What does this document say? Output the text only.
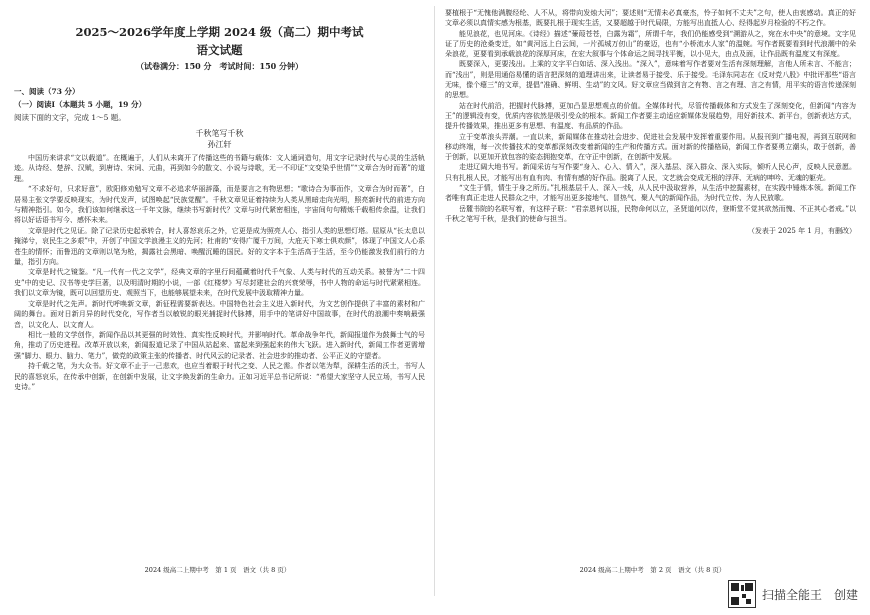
2025～2026学年度上学期 2024 级（高二）期中考试
语文试题
（试卷满分：150 分　考试时间：150 分钟）
一、阅读（73 分）
（一）阅读Ⅰ（本题共 5 小题，19 分）
阅读下面的文字，完成 1～5 题。
千秋笔写千秋
孙江轩

中国历来讲求“文以载道”。在概遍于，人们从未离开了传播这些的书籍与载体：文人通词造句，用文字记录时代与心灵的生活轨迹。从诗经、楚辞、汉赋，到唐诗、宋词、元曲，再到如今的散文、小说与诗歌，无一不印证“文变染乎世情”“文章合为时而著”的道理。

“不求好句，只求好意”，欧阳修劝勉写文章不必追求华丽辞藻，而是要言之有物思想；“歌诗合为事而作，文章合为时而著”，白居易主张文学要反映现实，为时代发声，试图唤起“民族觉醒”。千秋文章见证着持续为人类从黑暗走向光明，照亮新时代的前进方向与精神指引。如今，我们该如何继承这一千年文脉，继续书写新时代？文章与时代紧密相连，宇宙间句句精炼千载相传余温，让我们将以好话语书写今、感怀未来。

文章是时代之见证。除了记录历史起承转合，时人喜怒哀乐之外，它更是成为照亮人心、指引人类的思想灯塔。屈原从“长太息以掩涕兮，哀民生之多艰”中，开创了中国文学浪漫主义的先河；杜甫的“安得广厦千万间，大庇天下寒士俱欢颜”，体现了中国文人心系苍生的情怀；而鲁迅的文章则以笔为枪，揭露社会黑暗、唤醒沉睡的国民。好的文字本于生活高于生活，至今仍能激发我们前行的力量，指引方向。

文章是时代之镜鉴。“凡一代有一代之文学”，经典文章的字里行间蕴藏着时代千气象、人类与时代的互动关系。被誉为“二十四史”中的史记、汉书等史学巨著，以及明清时期的小说，一部《红楼梦》写尽封建社会的兴衰荣辱，书中人物的命运与时代紧紧相连。我们以文章为镜，既可以回望历史、观照当下，也能够展望未来，在时代发展中汲取精神力量。

文章是时代之先声。新时代呼唤新文章，新征程需要新表达。中国特色社会主义进入新时代，为文艺创作提供了丰富的素材和广阔的舞台。面对日新月异的时代变化，写作者当以敏锐的眼光捕捉时代脉搏，用手中的笔讲好中国故事，在时代的浪潮中奏响最强音，以文化人、以文育人。

相比一般的文学创作，新闻作品以其更强的时效性、真实性反映时代，并影响时代。革命战争年代，新闻报道作为鼓舞士气的号角，推动了历史进程。改革开放以来，新闻报道记录了中国从站起来、富起来到强起来的伟大飞跃。进入新时代，新闻工作者更需增强“脚力、眼力、脑力、笔力”，做党的政策主张的传播者、时代风云的记录者、社会进步的推动者、公平正义的守望者。

持千载之笔，为大众书。好文章不止于一己悲欢，也应当着眼于时代之变、人民之需。作者以笔为犁，深耕生活的沃土，书写人民的喜怒哀乐，在传承中创新，在创新中发展，让文字焕发新的生命力。正如习近平总书记所说：“希望大家坚守人民立场，书写人民史诗。”

2024 级高二上期中考　第 1 页　语文（共 8 页）

要植根于“无愧他满腹经纶、人不从，将带向发烛大河”；要述则“无情未必真豪杰，怜子如何不丈夫”之句，使人由衷感动。真正的好文章必须以真情实感为根基，既要扎根于现实生活，又要超越于时代局限，方能写出直抵人心、经得起岁月检验的不朽之作。

能见浪花，也见河床。《诗经》描述“蒹葭苍苍，白露为霜”，所谓千年，我们仍能感受到“溯游从之，宛在水中央”的意境。文字见证了历史的沧桑变迁，如“黄河远上白云间，一片孤城万仞山”的豪迈，也有“小桥流水人家”的温婉。写作者既要看到时代浪潮中的朵朵浪花，更要看到承载浪花的深厚河床，在宏大叙事与个体命运之间寻找平衡，以小见大，由点及面，让作品既有温度又有深度。

既要深入，更要浅出。上乘的文字平白如话、深入浅出。“深入”，意味着写作者要对生活有深刻理解，言他人所未言、不能言；而“浅出”，则是用通俗易懂的语言把深刻的道理讲出来，让读者易于接受、乐于接受。毛泽东同志在《反对党八股》中批评那些“语言无味，像个瘪三”的文章，提倡“准确、鲜明、生动”的文风。好文章应当做到言之有物、言之有理、言之有情，用平实的语言传递深刻的思想。

站在时代前沿，把握时代脉搏，更加凸显思想观点的价值。全媒体时代，尽管传播载体和方式发生了深刻变化，但新闻“内容为王”的逻辑没有变，优质内容依然是吸引受众的根本。新闻工作者要主动适应新媒体发展趋势，用好新技术、新平台，创新表达方式，提升传播效果，推出更多有思想、有温度、有品质的作品。

立于变革浪头弄潮。一直以来，新闻媒体在推动社会进步、促进社会发展中发挥着重要作用。从报刊到广播电视，再到互联网和移动终端，每一次传播技术的变革都深刻改变着新闻的生产和传播方式。面对新的传播格局，新闻工作者要勇立潮头，敢于创新，善于创新，以更加开放包容的姿态拥抱变革，在守正中创新，在创新中发展。

走进辽阔大地书写。新闻采访与写作要“身入、心入、情入”，深入基层、深入群众、深入实际，倾听人民心声，反映人民意愿。只有扎根人民，才能写出有血有肉、有情有感的好作品。脱离了人民，文艺就会变成无根的浮萍、无病的呻吟、无魂的躯壳。

“文生于情，情生于身之所历。”扎根基层千人、深入一线，从人民中汲取营养，从生活中挖掘素材，在实践中锤炼本领。新闻工作者唯有真正走进人民群众之中，才能写出更多接地气、冒热气、聚人气的新闻作品，为时代立传、为人民放歌。

岳麓书院的名联写着，有这样子联：“君亲恩何以报，民物命何以立，圣贤道何以传，登斯堂不觉其欲然而愧、不正其心者戒。”以千秋之笔写千秋，是我们的使命与担当。

（发表于 2025 年 1 月，有删改）

2024 级高二上期中考　第 2 页　语文（共 8 页）
扫描全能王　创建
